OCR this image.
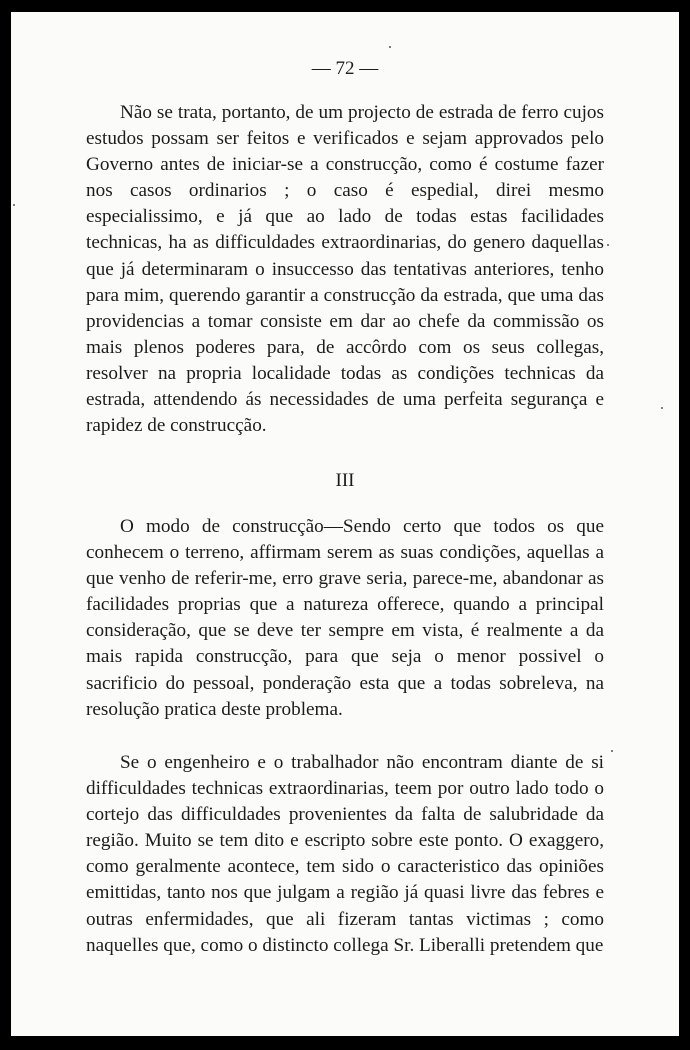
— 72 —

Não se trata, portanto, de um projecto de estrada de ferro cujos estudos possam ser feitos e verificados e sejam approvados pelo Governo antes de iniciar-se a construcção, como é costume fazer nos casos ordinarios ; o caso é espedial, direi mesmo especialissimo, e já que ao lado de todas estas facilidades technicas, ha as difficuldades extraordinarias, do genero daquellas que já determinaram o insuccesso das tentativas anteriores, tenho para mim, querendo garantir a construcção da estrada, que uma das providencias a tomar consiste em dar ao chefe da commissão os mais plenos poderes para, de accôrdo com os seus collegas, resolver na propria localidade todas as condições technicas da estrada, attendendo ás necessidades de uma perfeita segurança e rapidez de construcção.

III

O modo de construcção—Sendo certo que todos os que conhecem o terreno, affirmam serem as suas condições, aquellas a que venho de referir-me, erro grave seria, parece-me, abandonar as facilidades proprias que a natureza offerece, quando a principal consideração, que se deve ter sempre em vista, é realmente a da mais rapida construcção, para que seja o menor possivel o sacrificio do pessoal, ponderação esta que a todas sobreleva, na resolução pratica deste problema.

Se o engenheiro e o trabalhador não encontram diante de si difficuldades technicas extraordinarias, teem por outro lado todo o cortejo das difficuldades provenientes da falta de salubridade da região. Muito se tem dito e escripto sobre este ponto. O exaggero, como geralmente acontece, tem sido o caracteristico das opiniões emittidas, tanto nos que julgam a região já quasi livre das febres e outras enfermidades, que ali fizeram tantas victimas ; como naquelles que, como o distincto collega Sr. Liberalli pretendem que
